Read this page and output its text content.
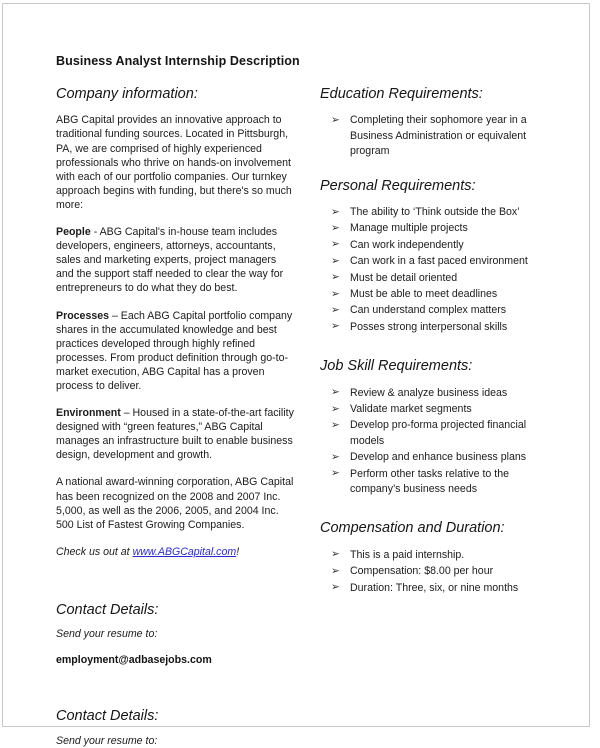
Business Analyst Internship Description
Company information:

ABG Capital provides an innovative approach to traditional funding sources. Located in Pittsburgh, PA, we are comprised of highly experienced professionals who thrive on hands-on involvement with each of our portfolio companies. Our turnkey approach begins with funding, but there's so much more:

People - ABG Capital's in-house team includes developers, engineers, attorneys, accountants, sales and marketing experts, project managers and the support staff needed to clear the way for entrepreneurs to do what they do best.

Processes – Each ABG Capital portfolio company shares in the accumulated knowledge and best practices developed through highly refined processes. From product definition through go-to-market execution, ABG Capital has a proven process to deliver.

Environment – Housed in a state-of-the-art facility designed with “green features,” ABG Capital manages an infrastructure built to enable business design, development and growth.

A national award-winning corporation, ABG Capital has been recognized on the 2008 and 2007 Inc. 5,000, as well as the 2006, 2005, and 2004 Inc. 500 List of Fastest Growing Companies.

Check us out at www.ABGCapital.com!

Contact Details:

Send your resume to:

employment@adbasejobs.com

Contact Details:

Send your resume to:

Education Requirements:
➢ Completing their sophomore year in a Business Administration or equivalent program
Personal Requirements:
➢ The ability to ‘Think outside the Box’
➢ Manage multiple projects
➢ Can work independently
➢ Can work in a fast paced environment
➢ Must be detail oriented
➢ Must be able to meet deadlines
➢ Can understand complex matters
➢ Posses strong interpersonal skills
Job Skill Requirements:
➢ Review & analyze business ideas
➢ Validate market segments
➢ Develop pro-forma projected financial models
➢ Develop and enhance business plans
➢ Perform other tasks relative to the company’s business needs
Compensation and Duration:
➢ This is a paid internship.
➢ Compensation: $8.00 per hour
➢ Duration: Three, six, or nine months
